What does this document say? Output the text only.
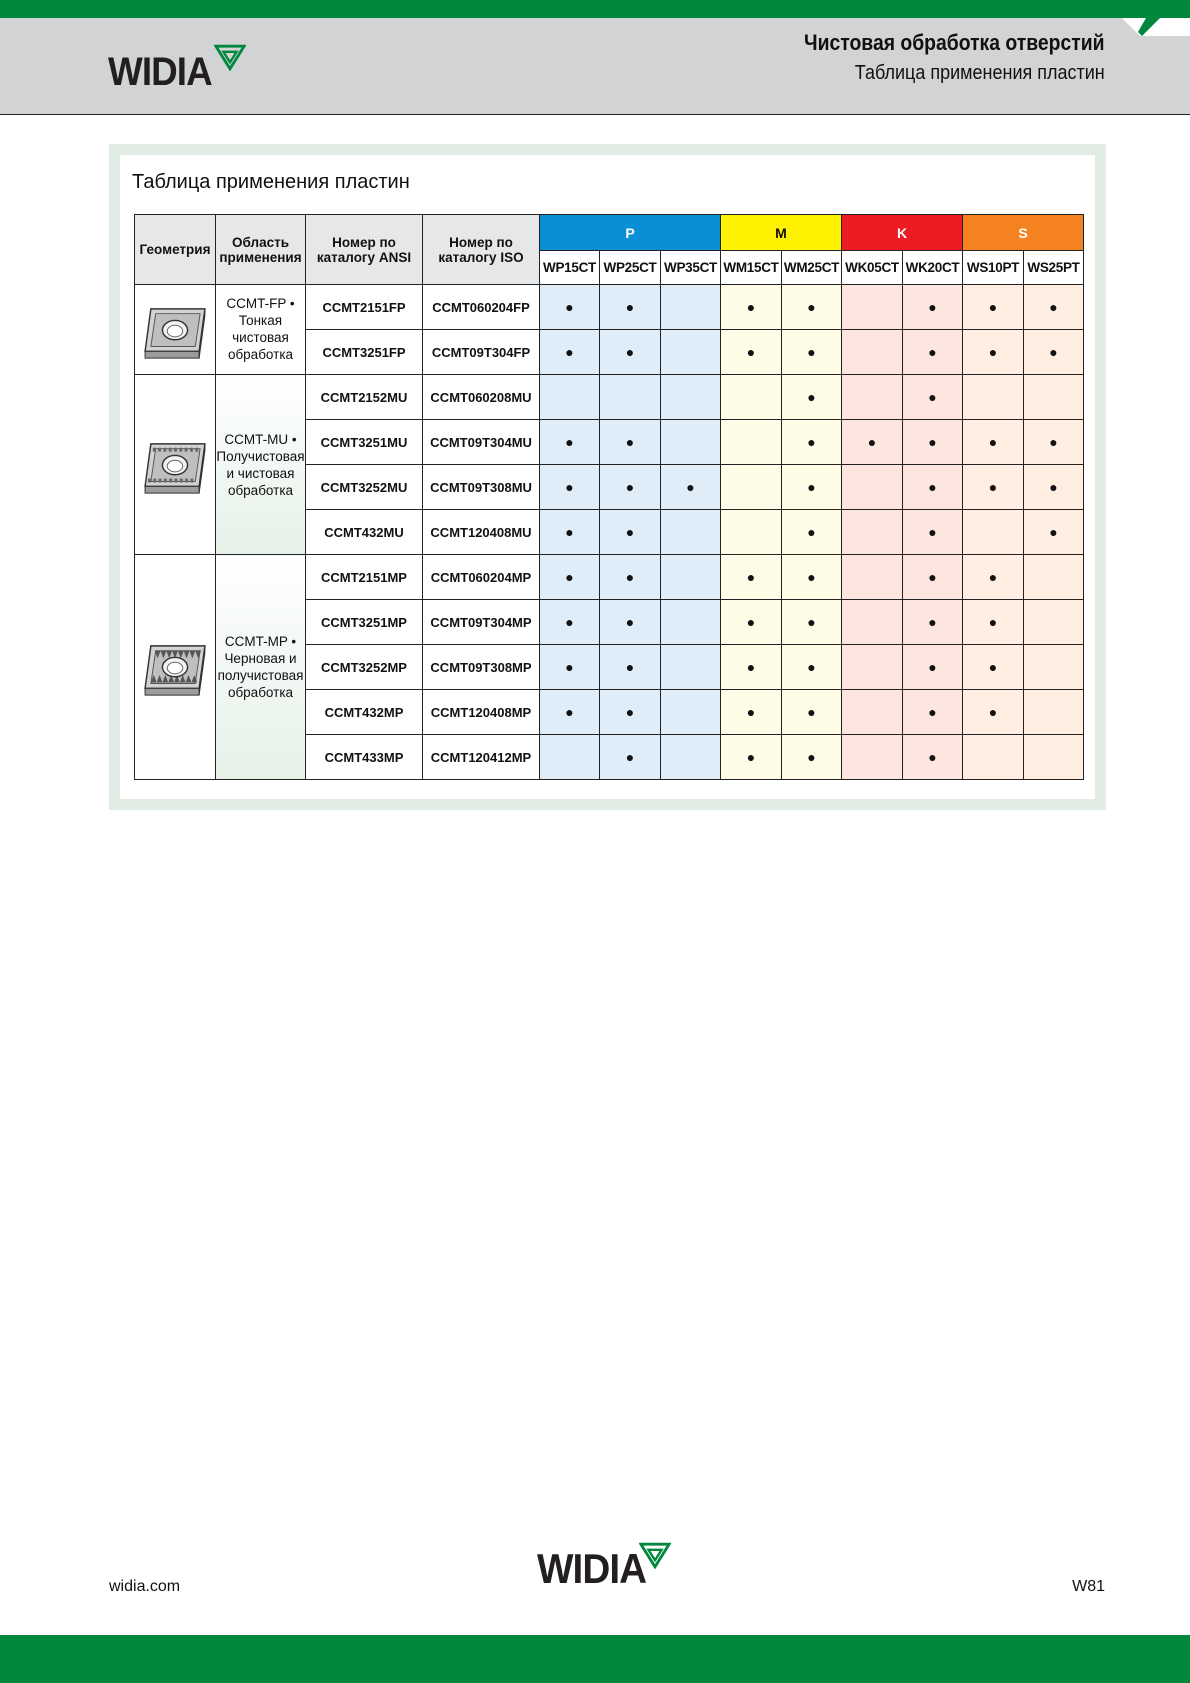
WIDIA
Чистовая обработка отверстий
Таблица применения пластин
Таблица применения пластин
Геометрия	Область применения	Номер по каталогу ANSI	Номер по каталогу ISO	P			M		K		S	
				WP15CT	WP25CT	WP35CT	WM15CT	WM25CT	WK05CT	WK20CT	WS10PT	WS25PT

	CCMT-FP • Тонкая чистовая обработка	CCMT2151FP	CCMT060204FP	●	●		●	●		●	●	●
		CCMT3251FP	CCMT09T304FP	●	●		●	●		●	●	●

	CCMT-MU • Получистовая и чистовая обработка	CCMT2152MU	CCMT060208MU					●		●		
		CCMT3251MU	CCMT09T304MU	●	●			●	●	●	●	●
		CCMT3252MU	CCMT09T308MU	●	●	●		●		●	●	●
		CCMT432MU	CCMT120408MU	●	●			●		●		●

	CCMT-MP • Черновая и получистовая обработка	CCMT2151MP	CCMT060204MP	●	●		●	●		●	●	
		CCMT3251MP	CCMT09T304MP	●	●		●	●		●	●	
		CCMT3252MP	CCMT09T308MP	●	●		●	●		●	●	
		CCMT432MP	CCMT120408MP	●	●		●	●		●	●	
		CCMT433MP	CCMT120412MP		●		●	●		●		
WIDIA
widia.com	W81
